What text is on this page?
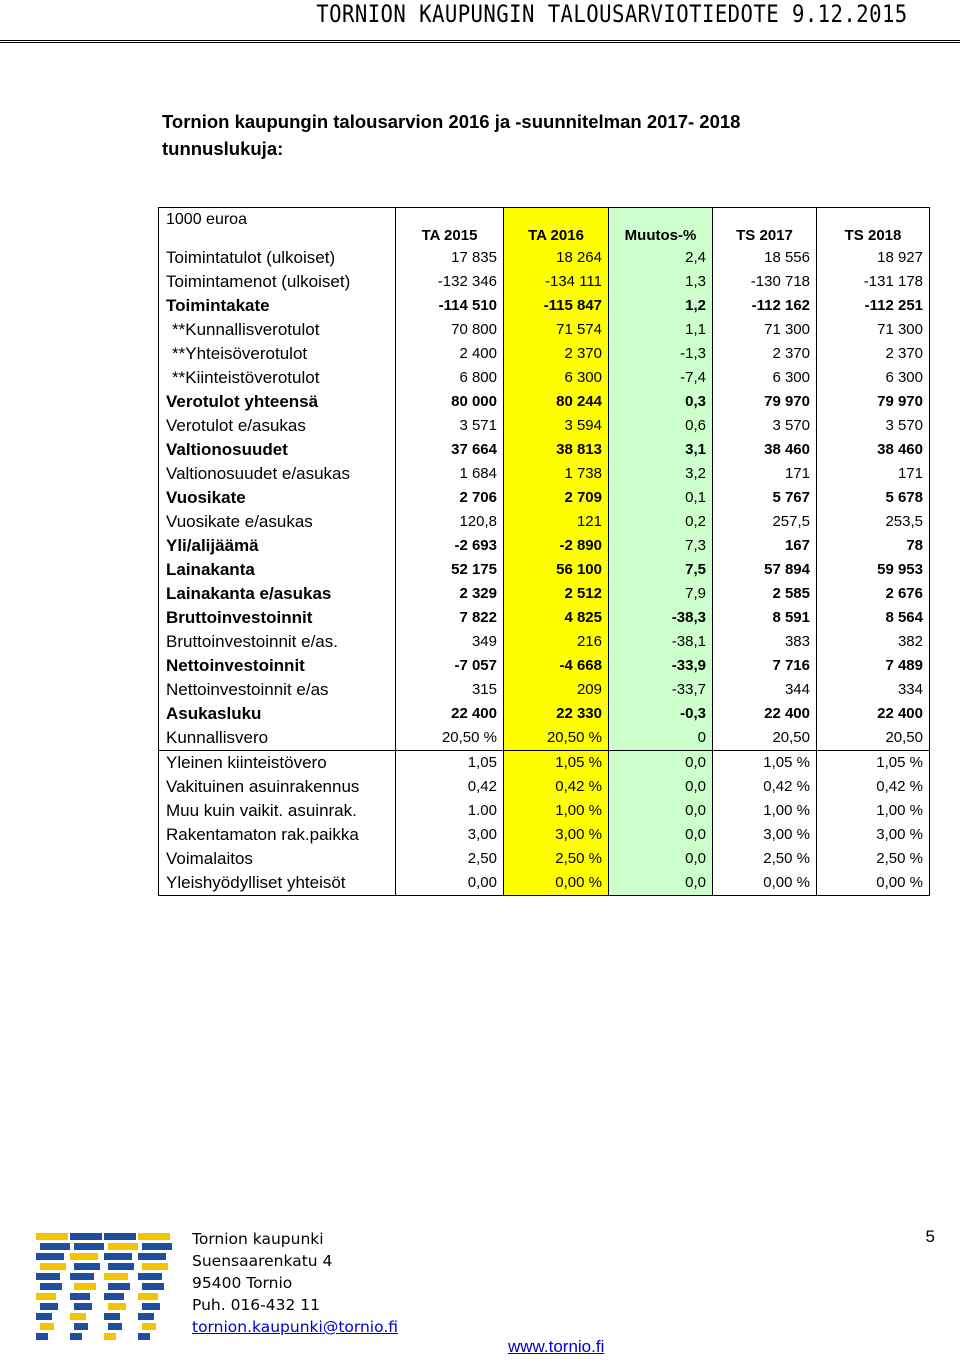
TORNION KAUPUNGIN TALOUSARVIOTIEDOTE 9.12.2015
Tornion kaupungin talousarvion 2016 ja -suunnitelman 2017- 2018
tunnuslukuja:
1000 euroa	TA 2015	TA 2016	Muutos-%	TS 2017	TS 2018
Toimintatulot (ulkoiset)	17 835	18 264	2,4	18 556	18 927
Toimintamenot (ulkoiset)	-132 346	-134 111	1,3	-130 718	-131 178
Toimintakate	-114 510	-115 847	1,2	-112 162	-112 251
**Kunnallisverotulot	70 800	71 574	1,1	71 300	71 300
**Yhteisöverotulot	2 400	2 370	-1,3	2 370	2 370
**Kiinteistöverotulot	6 800	6 300	-7,4	6 300	6 300
Verotulot yhteensä	80 000	80 244	0,3	79 970	79 970
Verotulot e/asukas	3 571	3 594	0,6	3 570	3 570
Valtionosuudet	37 664	38 813	3,1	38 460	38 460
Valtionosuudet e/asukas	1 684	1 738	3,2	171	171
Vuosikate	2 706	2 709	0,1	5 767	5 678
Vuosikate e/asukas	120,8	121	0,2	257,5	253,5
Yli/alijäämä	-2 693	-2 890	7,3	167	78
Lainakanta	52 175	56 100	7,5	57 894	59 953
Lainakanta e/asukas	2 329	2 512	7,9	2 585	2 676
Bruttoinvestoinnit	7 822	4 825	-38,3	8 591	8 564
Bruttoinvestoinnit e/as.	349	216	-38,1	383	382
Nettoinvestoinnit	-7 057	-4 668	-33,9	7 716	7 489
Nettoinvestoinnit e/as	315	209	-33,7	344	334
Asukasluku	22 400	22 330	-0,3	22 400	22 400
Kunnallisvero	20,50 %	20,50 %	0	20,50	20,50
Yleinen kiinteistövero	1,05	1,05 %	0,0	1,05 %	1,05 %
Vakituinen asuinrakennus	0,42	0,42 %	0,0	0,42 %	0,42 %
Muu kuin vaikit. asuinrak.	1.00	1,00 %	0,0	1,00 %	1,00 %
Rakentamaton rak.paikka	3,00	3,00 %	0,0	3,00 %	3,00 %
Voimalaitos	2,50	2,50 %	0,0	2,50 %	2,50 %
Yleishyödylliset yhteisöt	0,00	0,00 %	0,0	0,00 %	0,00 %
Tornion kaupunki
Suensaarenkatu 4
95400 Tornio
Puh. 016-432 11
tornion.kaupunki@tornio.fi
5
www.tornio.fi
